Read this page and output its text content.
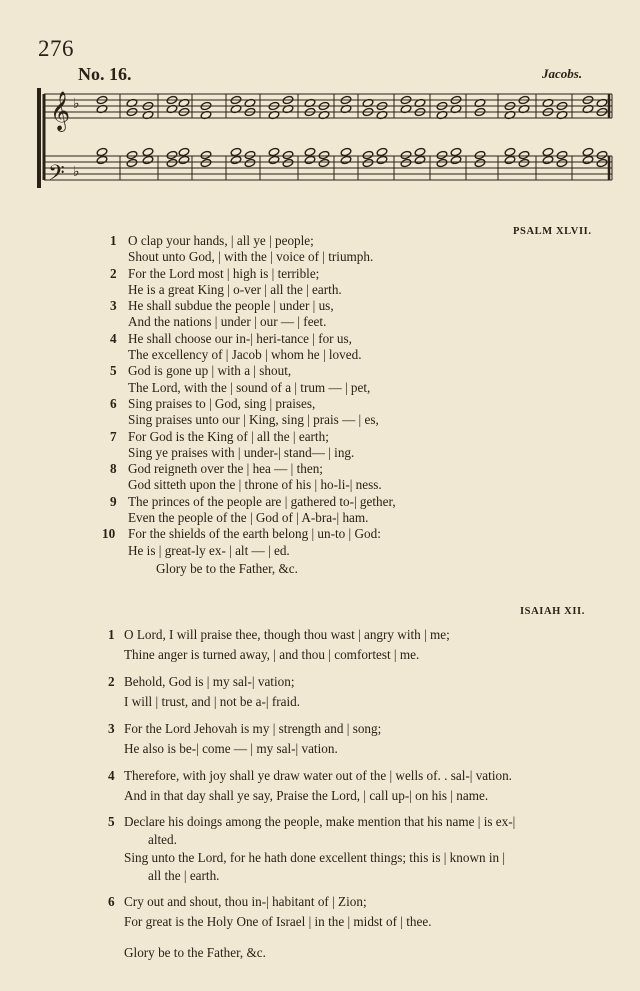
276
No. 16.	Jacobs.
𝄞
𝄢
♭
♭
PSALM XLVII.
1 O clap your hands, | all ye | people;
Shout unto God, | with the | voice of | triumph.
2 For the Lord most | high is | terrible;
He is a great King | o-ver | all the | earth.
3 He shall subdue the people | under | us,
And the nations | under | our — | feet.
4 He shall choose our in-| heri-tance | for us,
The excellency of | Jacob | whom he | loved.
5 God is gone up | with a | shout,
The Lord, with the | sound of a | trum — | pet,
6 Sing praises to | God, sing | praises,
Sing praises unto our | King, sing | prais — | es,
7 For God is the King of | all the | earth;
Sing ye praises with | under-| stand— | ing.
8 God reigneth over the | hea — | then;
God sitteth upon the | throne of his | ho-li-| ness.
9 The princes of the people are | gathered to-| gether,
Even the people of the | God of | A-bra-| ham.
10 For the shields of the earth belong | un-to | God:
He is | great-ly ex- | alt — | ed.
Glory be to the Father, &c.
ISAIAH XII.
1 O Lord, I will praise thee, though thou wast | angry with | me;
Thine anger is turned away, | and thou | comfortest | me.
2 Behold, God is | my sal-| vation;
I will | trust, and | not be a-| fraid.
3 For the Lord Jehovah is my | strength and | song;
He also is be-| come — | my sal-| vation.
4 Therefore, with joy shall ye draw water out of the | wells of. . sal-| vation.
And in that day shall ye say, Praise the Lord, | call up-| on his | name.
5 Declare his doings among the people, make mention that his name | is ex-|
alted.
Sing unto the Lord, for he hath done excellent things; this is | known in |
all the | earth.
6 Cry out and shout, thou in-| habitant of | Zion;
For great is the Holy One of Israel | in the | midst of | thee.
Glory be to the Father, &c.
